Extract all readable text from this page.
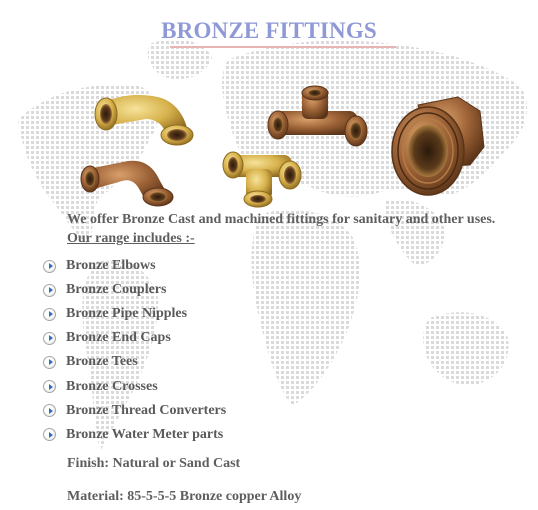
BRONZE FITTINGS
We offer Bronze Cast and machined fittings for sanitary and other uses.
Our range includes :-
Bronze Elbows
Bronze Couplers
Bronze Pipe Nipples
Bronze End Caps
Bronze Tees
Bronze Crosses
Bronze Thread Converters
Bronze Water Meter parts
Finish: Natural or Sand Cast
Material: 85-5-5-5 Bronze copper Alloy
